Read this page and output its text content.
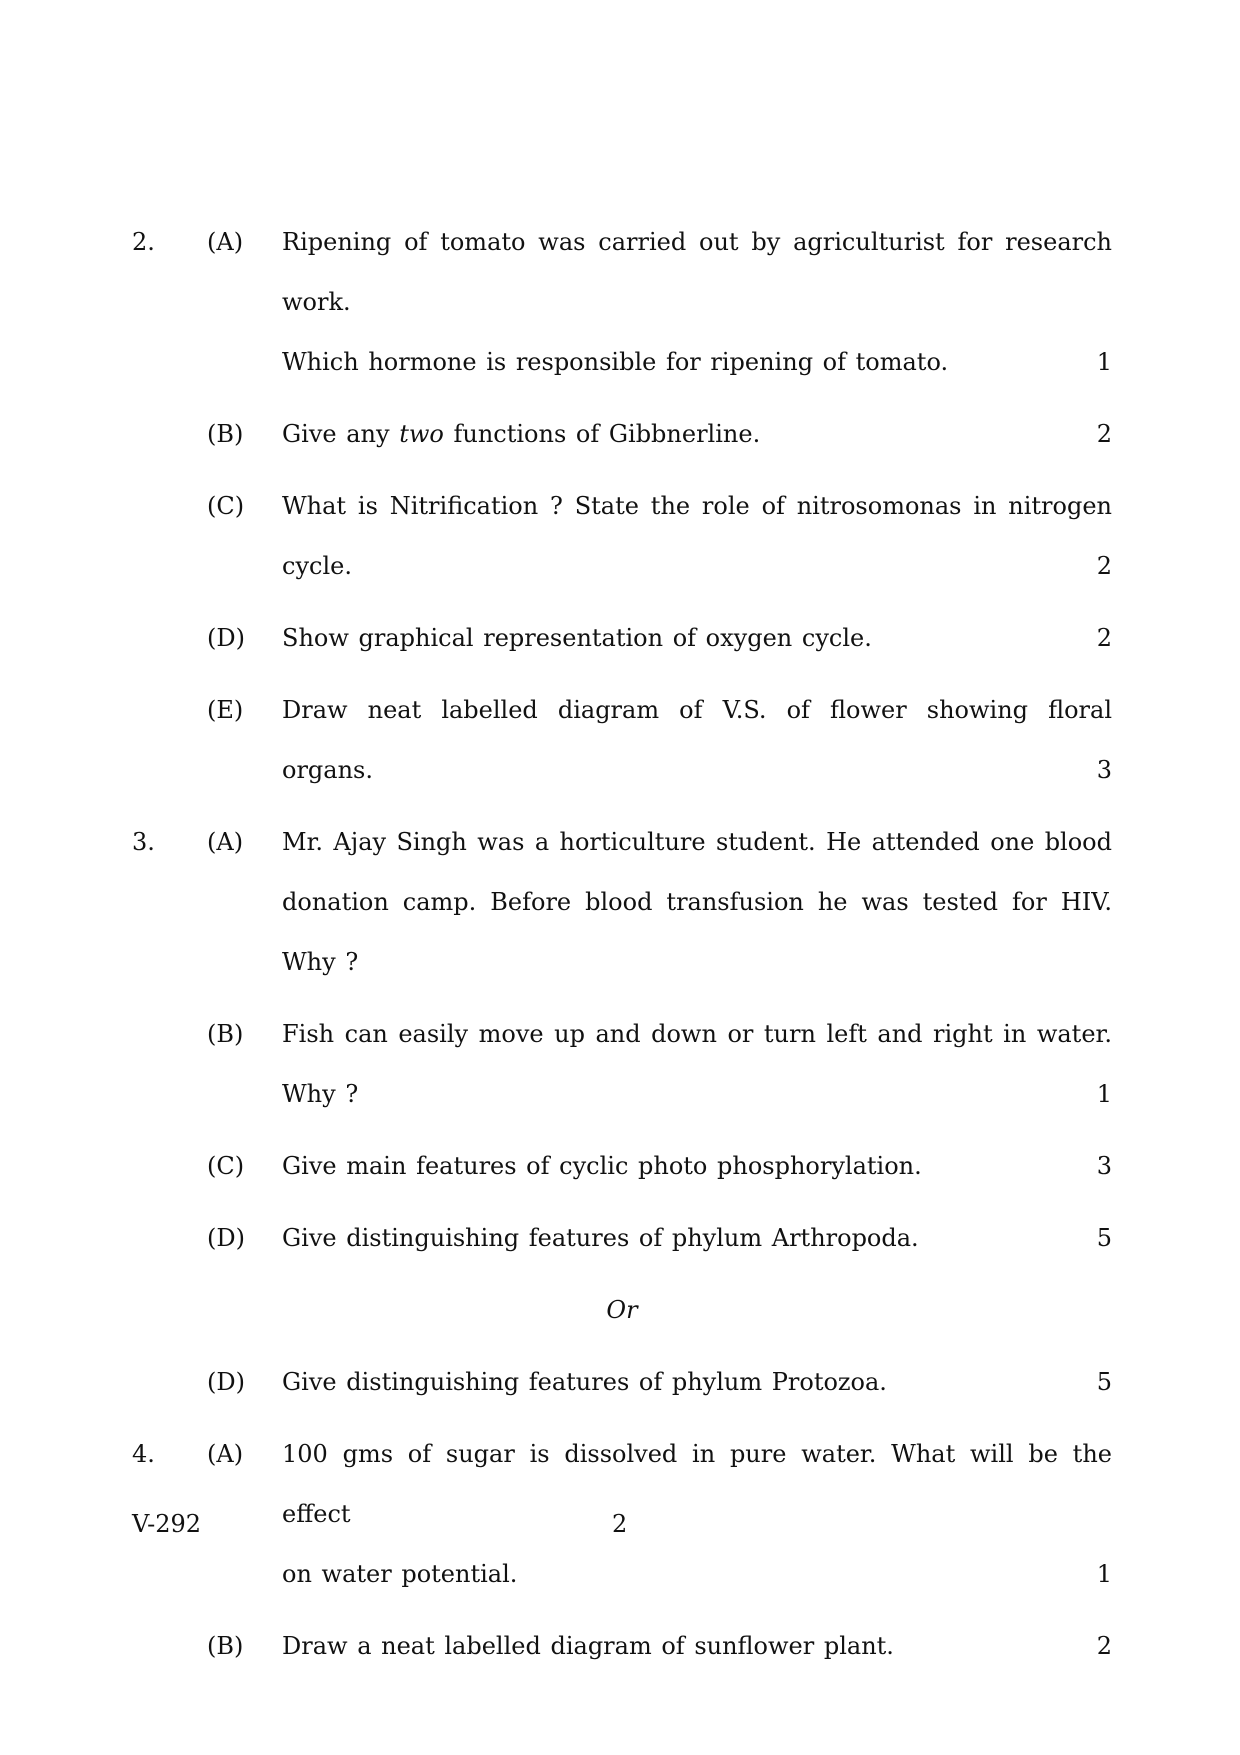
2.	(A)	Ripening of tomato was carried out by agriculturist for research work.
Which hormone is responsible for ripening of tomato.	1
(B)	Give any two functions of Gibbnerline.	2
(C)	What is Nitrification ? State the role of nitrosomonas in nitrogen
cycle.	2
(D)	Show graphical representation of oxygen cycle.	2
(E)	Draw neat labelled diagram of V.S. of flower showing floral organs.	3
3.	(A)	Mr. Ajay Singh was a horticulture student. He attended one blood
donation camp. Before blood transfusion he was tested for HIV.
Why ?
(B)	Fish can easily move up and down or turn left and right in water.
Why ?	1
(C)	Give main features of cyclic photo phosphorylation.	3
(D)	Give distinguishing features of phylum Arthropoda.	5
Or
(D)	Give distinguishing features of phylum Protozoa.	5
4.	(A)	100 gms of sugar is dissolved in pure water. What will be the effect
on water potential.	1
(B)	Draw a neat labelled diagram of sunflower plant.	2
V-292	2
